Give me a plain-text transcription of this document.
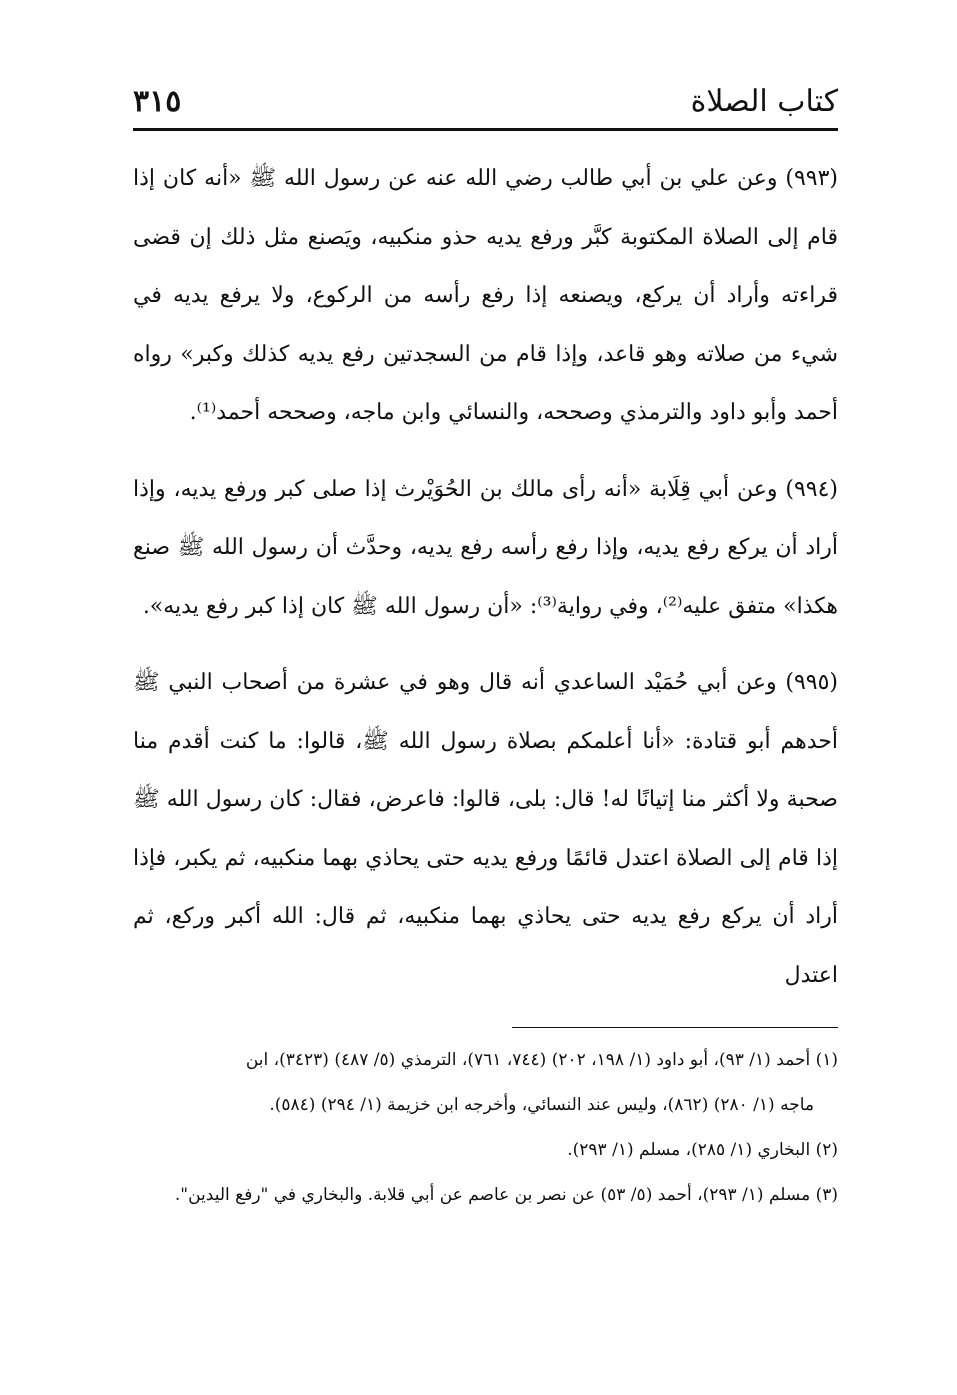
كتاب الصلاة
٣١٥

(٩٩٣) وعن علي بن أبي طالب رضي الله عنه عن رسول الله ﷺ «أنه كان إذا قام إلى الصلاة المكتوبة كبَّر ورفع يديه حذو منكبيه، ويَصنع مثل ذلك إن قضى قراءته وأراد أن يركع، ويصنعه إذا رفع رأسه من الركوع، ولا يرفع يديه في شيء من صلاته وهو قاعد، وإذا قام من السجدتين رفع يديه كذلك وكبر» رواه أحمد وأبو داود والترمذي وصححه، والنسائي وابن ماجه، وصححه أحمد⁽¹⁾.

(٩٩٤) وعن أبي قِلَابة «أنه رأى مالك بن الحُوَيْرث إذا صلى كبر ورفع يديه، وإذا أراد أن يركع رفع يديه، وإذا رفع رأسه رفع يديه، وحدَّث أن رسول الله ﷺ صنع هكذا» متفق عليه⁽²⁾، وفي رواية⁽³⁾: «أن رسول الله ﷺ كان إذا كبر رفع يديه».

(٩٩٥) وعن أبي حُمَيْد الساعدي أنه قال وهو في عشرة من أصحاب النبي ﷺ أحدهم أبو قتادة: «أنا أعلمكم بصلاة رسول الله ﷺ، قالوا: ما كنت أقدم منا صحبة ولا أكثر منا إتيانًا له! قال: بلى، قالوا: فاعرض، فقال: كان رسول الله ﷺ إذا قام إلى الصلاة اعتدل قائمًا ورفع يديه حتى يحاذي بهما منكبيه، ثم يكبر، فإذا أراد أن يركع رفع يديه حتى يحاذي بهما منكبيه، ثم قال: الله أكبر وركع، ثم اعتدل

(١) أحمد (١/ ٩٣)، أبو داود (١/ ١٩٨، ٢٠٢) (٧٤٤، ٧٦١)، الترمذي (٥/ ٤٨٧) (٣٤٢٣)، ابن

ماجه (١/ ٢٨٠) (٨٦٢)، وليس عند النسائي، وأخرجه ابن خزيمة (١/ ٢٩٤) (٥٨٤).

(٢) البخاري (١/ ٢٨٥)، مسلم (١/ ٢٩٣).

(٣) مسلم (١/ ٢٩٣)، أحمد (٥/ ٥٣) عن نصر بن عاصم عن أبي قلابة. والبخاري في "رفع اليدين".
